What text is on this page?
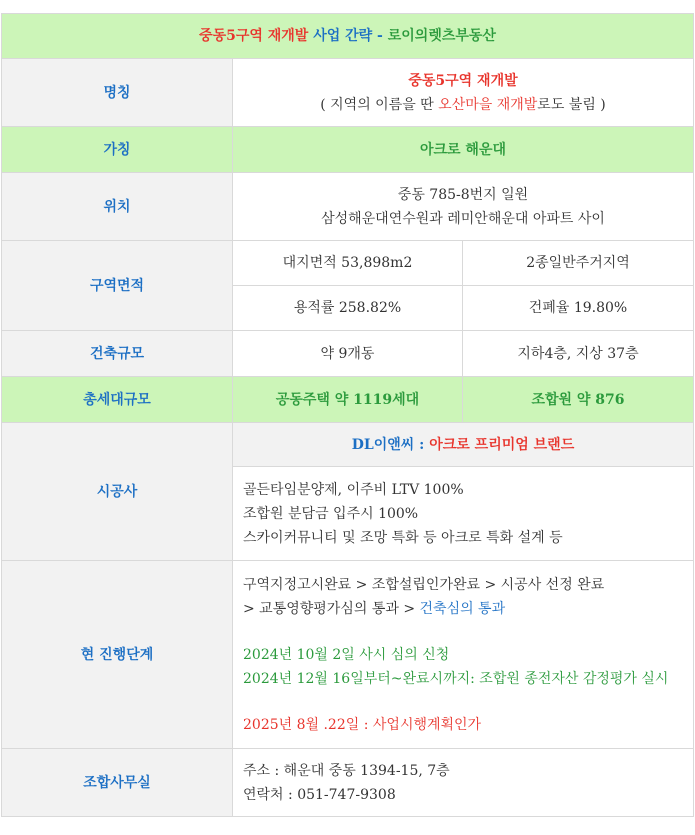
중동5구역 재개발 사업 간략 - 로이의렛츠부동산		
명칭	중동5구역 재개발
( 지역의 이름을 딴 오산마을 재개발로도 불림 )	

가칭	아크로 해운대	
위치	중동 785-8번지 일원
삼성해운대연수원과 레미안해운대 아파트 사이	

구역면적	대지면적 53,898m2	2종일반주거지역
	용적률 258.82%	건폐율 19.80%
건축규모	약 9개동	지하4층, 지상 37층
총세대규모	공동주택 약 1119세대	조합원 약 876
시공사	DL이앤씨 : 아크로 프리미엄 브랜드	

	골든타임분양제, 이주비 LTV 100%
조합원 분담금 입주시 100%
스카이커뮤니티 및 조망 특화 등 아크로 특화 설계 등	

현 진행단계	구역지정고시완료 > 조합설립인가완료 > 시공사 선정 완료
> 교통영향평가심의 통과 > 건축심의 통과
2024년 10월 2일 사시 심의 신청
2024년 12월 16일부터~완료시까지: 조합원 종전자산 감정평가 실시
2025년 8월 .22일 : 사업시행계획인가	

조합사무실	주소 : 해운대 중동 1394-15, 7층
연락처 : 051-747-9308	
